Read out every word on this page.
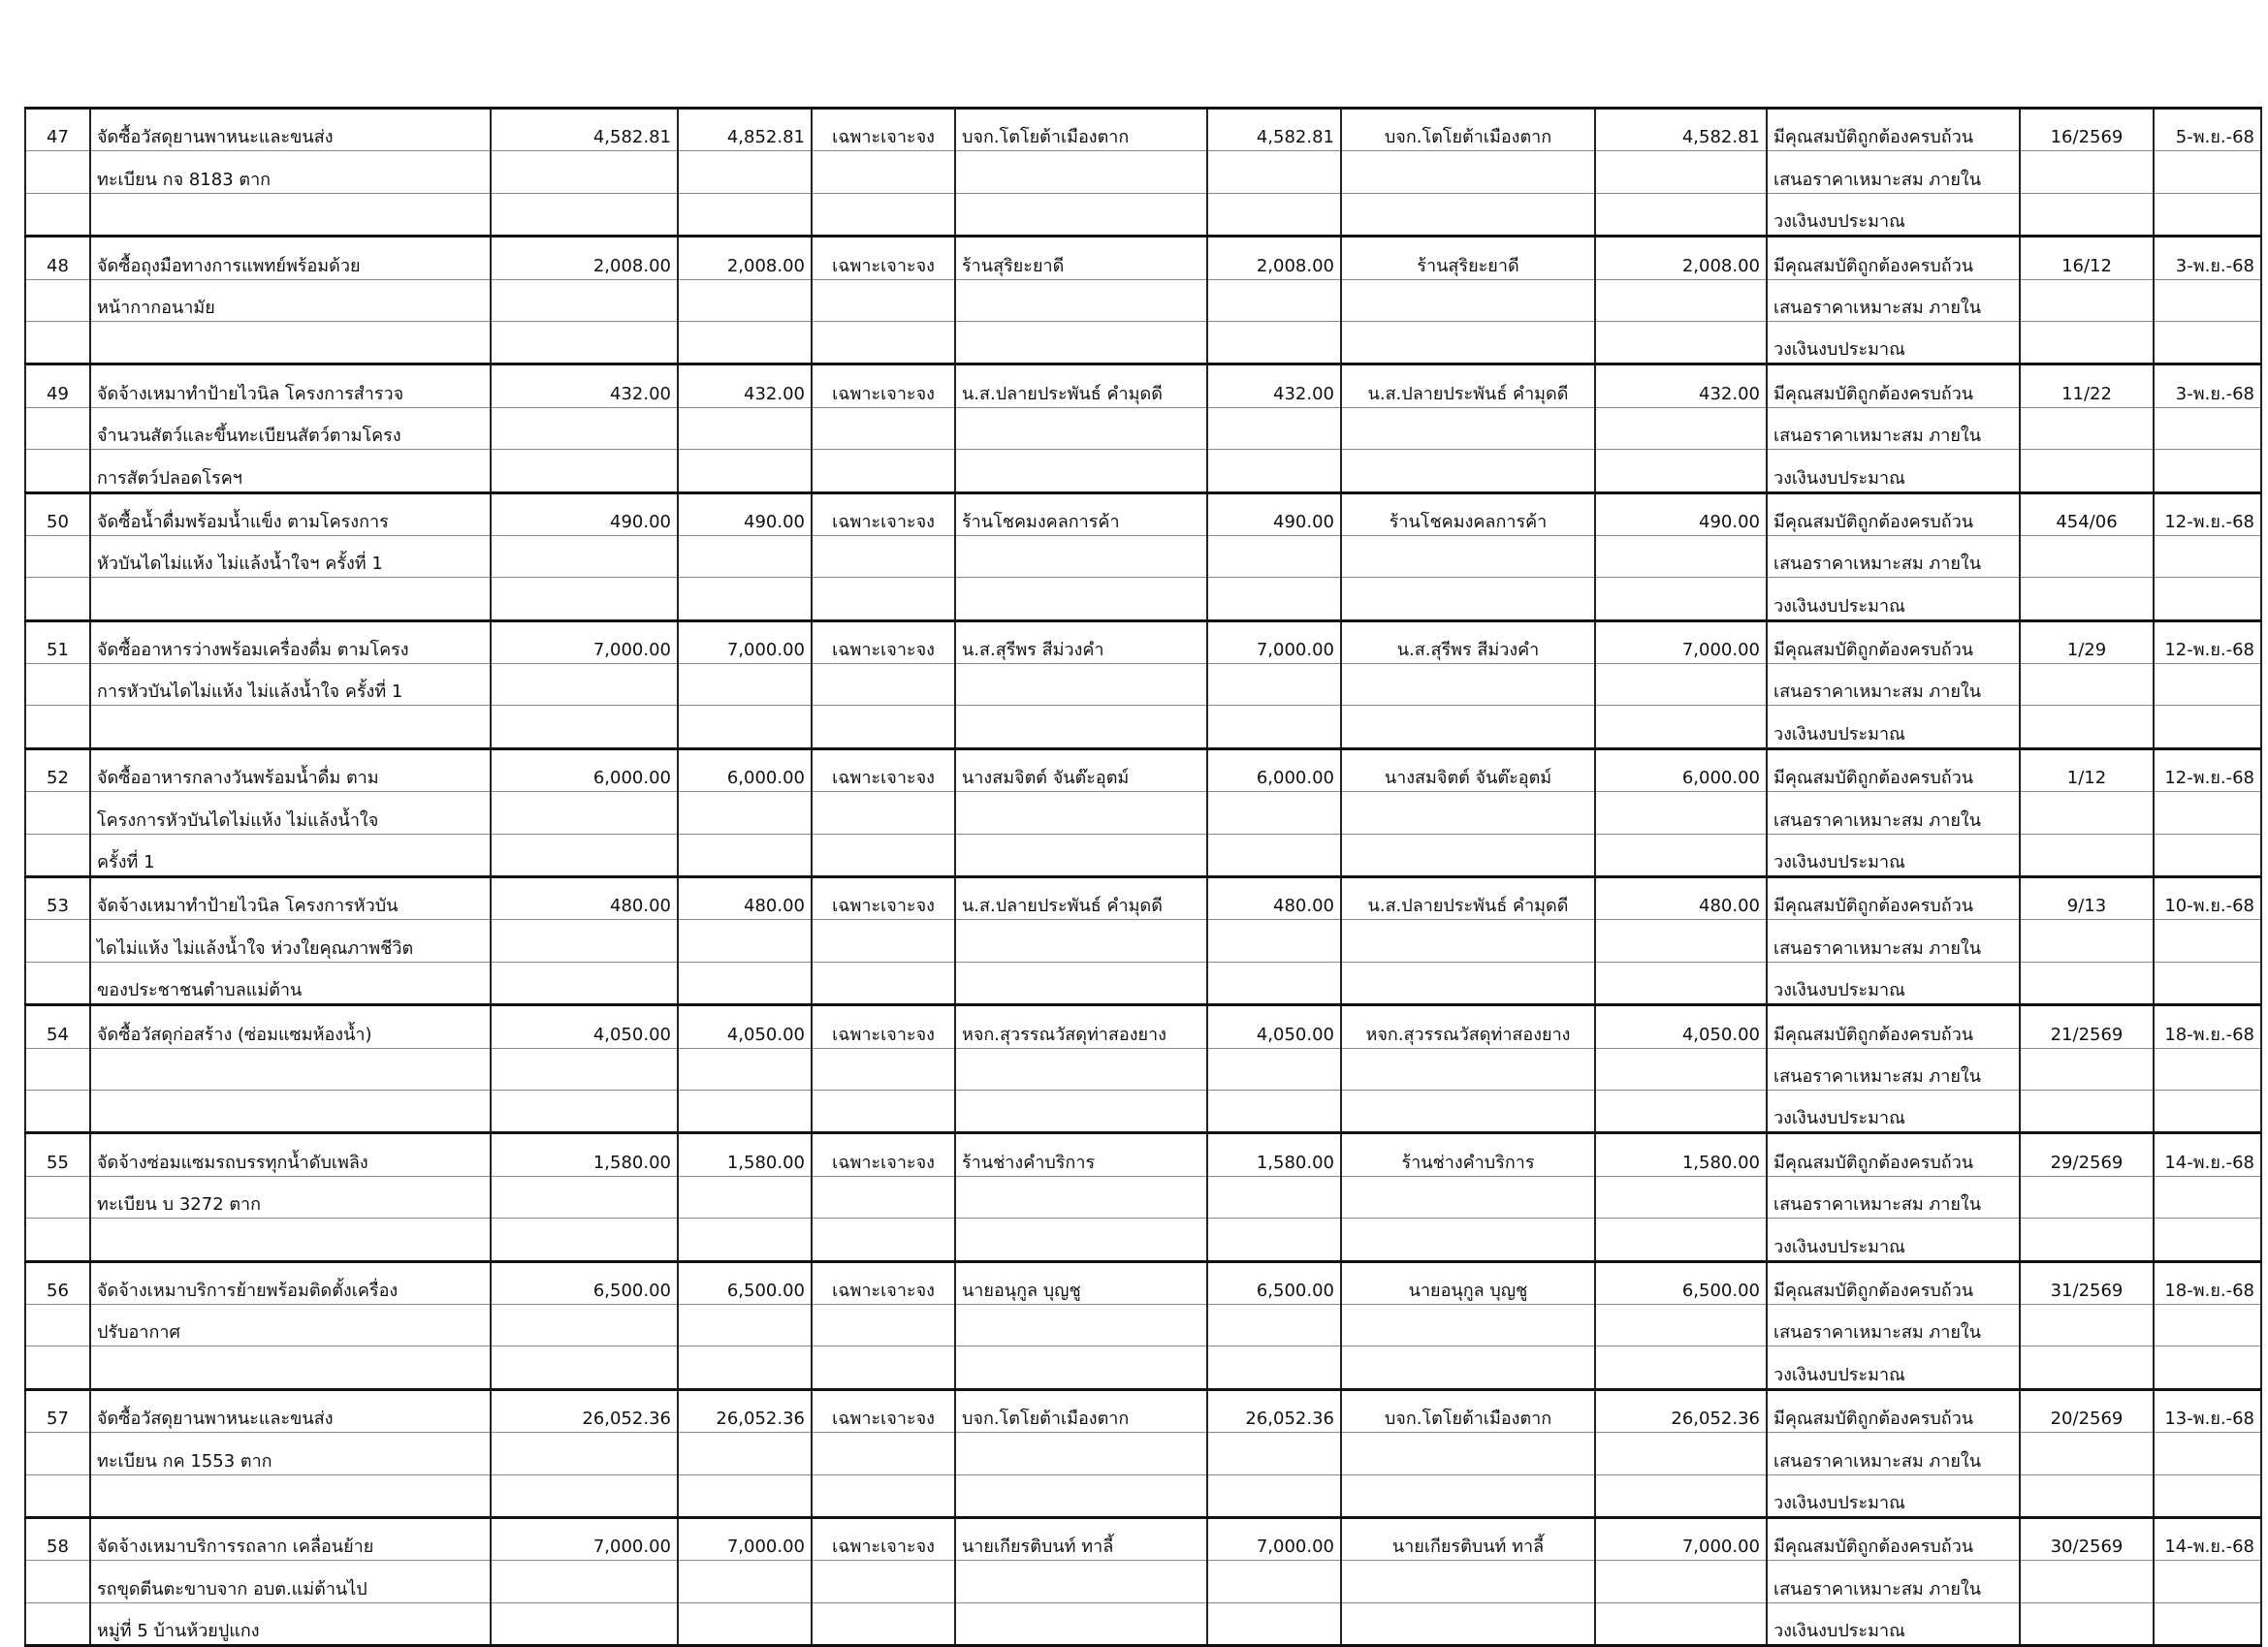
47	จัดซื้อวัสดุยานพาหนะและขนส่ง	4,582.81	4,852.81	เฉพาะเจาะจง	บจก.โตโยต้าเมืองตาก	4,582.81	บจก.โตโยต้าเมืองตาก	4,582.81	มีคุณสมบัติถูกต้องครบถ้วน	16/2569	5-พ.ย.-68
	ทะเบียน กจ 8183 ตาก								เสนอราคาเหมาะสม ภายใน		
									วงเงินงบประมาณ		
48	จัดซื้อถุงมือทางการแพทย์พร้อมด้วย	2,008.00	2,008.00	เฉพาะเจาะจง	ร้านสุริยะยาดี	2,008.00	ร้านสุริยะยาดี	2,008.00	มีคุณสมบัติถูกต้องครบถ้วน	16/12	3-พ.ย.-68
	หน้ากากอนามัย								เสนอราคาเหมาะสม ภายใน		
									วงเงินงบประมาณ		
49	จัดจ้างเหมาทำป้ายไวนิล โครงการสำรวจ	432.00	432.00	เฉพาะเจาะจง	น.ส.ปลายประพันธ์ คำมุดดี	432.00	น.ส.ปลายประพันธ์ คำมุดดี	432.00	มีคุณสมบัติถูกต้องครบถ้วน	11/22	3-พ.ย.-68
	จำนวนสัตว์และขึ้นทะเบียนสัตว์ตามโครง								เสนอราคาเหมาะสม ภายใน		
	การสัตว์ปลอดโรคฯ								วงเงินงบประมาณ		
50	จัดซื้อน้ำดื่มพร้อมน้ำแข็ง ตามโครงการ	490.00	490.00	เฉพาะเจาะจง	ร้านโชคมงคลการค้า	490.00	ร้านโชคมงคลการค้า	490.00	มีคุณสมบัติถูกต้องครบถ้วน	454/06	12-พ.ย.-68
	หัวบันไดไม่แห้ง ไม่แล้งน้ำใจฯ ครั้งที่ 1								เสนอราคาเหมาะสม ภายใน		
									วงเงินงบประมาณ		
51	จัดซื้ออาหารว่างพร้อมเครื่องดื่ม ตามโครง	7,000.00	7,000.00	เฉพาะเจาะจง	น.ส.สุรีพร สีม่วงคำ	7,000.00	น.ส.สุรีพร สีม่วงคำ	7,000.00	มีคุณสมบัติถูกต้องครบถ้วน	1/29	12-พ.ย.-68
	การหัวบันไดไม่แห้ง ไม่แล้งน้ำใจ ครั้งที่ 1								เสนอราคาเหมาะสม ภายใน		
									วงเงินงบประมาณ		
52	จัดซื้ออาหารกลางวันพร้อมน้ำดื่ม ตาม	6,000.00	6,000.00	เฉพาะเจาะจง	นางสมจิตต์ จันต๊ะอุตม์	6,000.00	นางสมจิตต์ จันต๊ะอุตม์	6,000.00	มีคุณสมบัติถูกต้องครบถ้วน	1/12	12-พ.ย.-68
	โครงการหัวบันไดไม่แห้ง ไม่แล้งน้ำใจ								เสนอราคาเหมาะสม ภายใน		
	ครั้งที่ 1								วงเงินงบประมาณ		
53	จัดจ้างเหมาทำป้ายไวนิล โครงการหัวบัน	480.00	480.00	เฉพาะเจาะจง	น.ส.ปลายประพันธ์ คำมุดดี	480.00	น.ส.ปลายประพันธ์ คำมุดดี	480.00	มีคุณสมบัติถูกต้องครบถ้วน	9/13	10-พ.ย.-68
	ไดไม่แห้ง ไม่แล้งน้ำใจ ห่วงใยคุณภาพชีวิต								เสนอราคาเหมาะสม ภายใน		
	ของประชาชนตำบลแม่ต้าน								วงเงินงบประมาณ		
54	จัดซื้อวัสดุก่อสร้าง (ซ่อมแซมห้องน้ำ)	4,050.00	4,050.00	เฉพาะเจาะจง	หจก.สุวรรณวัสดุท่าสองยาง	4,050.00	หจก.สุวรรณวัสดุท่าสองยาง	4,050.00	มีคุณสมบัติถูกต้องครบถ้วน	21/2569	18-พ.ย.-68
									เสนอราคาเหมาะสม ภายใน		
									วงเงินงบประมาณ		
55	จัดจ้างซ่อมแซมรถบรรทุกน้ำดับเพลิง	1,580.00	1,580.00	เฉพาะเจาะจง	ร้านช่างคำบริการ	1,580.00	ร้านช่างคำบริการ	1,580.00	มีคุณสมบัติถูกต้องครบถ้วน	29/2569	14-พ.ย.-68
	ทะเบียน บ 3272 ตาก								เสนอราคาเหมาะสม ภายใน		
									วงเงินงบประมาณ		
56	จัดจ้างเหมาบริการย้ายพร้อมติดตั้งเครื่อง	6,500.00	6,500.00	เฉพาะเจาะจง	นายอนุกูล บุญชู	6,500.00	นายอนุกูล บุญชู	6,500.00	มีคุณสมบัติถูกต้องครบถ้วน	31/2569	18-พ.ย.-68
	ปรับอากาศ								เสนอราคาเหมาะสม ภายใน		
									วงเงินงบประมาณ		
57	จัดซื้อวัสดุยานพาหนะและขนส่ง	26,052.36	26,052.36	เฉพาะเจาะจง	บจก.โตโยต้าเมืองตาก	26,052.36	บจก.โตโยต้าเมืองตาก	26,052.36	มีคุณสมบัติถูกต้องครบถ้วน	20/2569	13-พ.ย.-68
	ทะเบียน กค 1553 ตาก								เสนอราคาเหมาะสม ภายใน		
									วงเงินงบประมาณ		
58	จัดจ้างเหมาบริการรถลาก เคลื่อนย้าย	7,000.00	7,000.00	เฉพาะเจาะจง	นายเกียรติบนท์ ทาลี้	7,000.00	นายเกียรติบนท์ ทาลี้	7,000.00	มีคุณสมบัติถูกต้องครบถ้วน	30/2569	14-พ.ย.-68
	รถขุดตีนตะขาบจาก อบต.แม่ต้านไป								เสนอราคาเหมาะสม ภายใน		
	หมู่ที่ 5 บ้านห้วยปูแกง								วงเงินงบประมาณ		
